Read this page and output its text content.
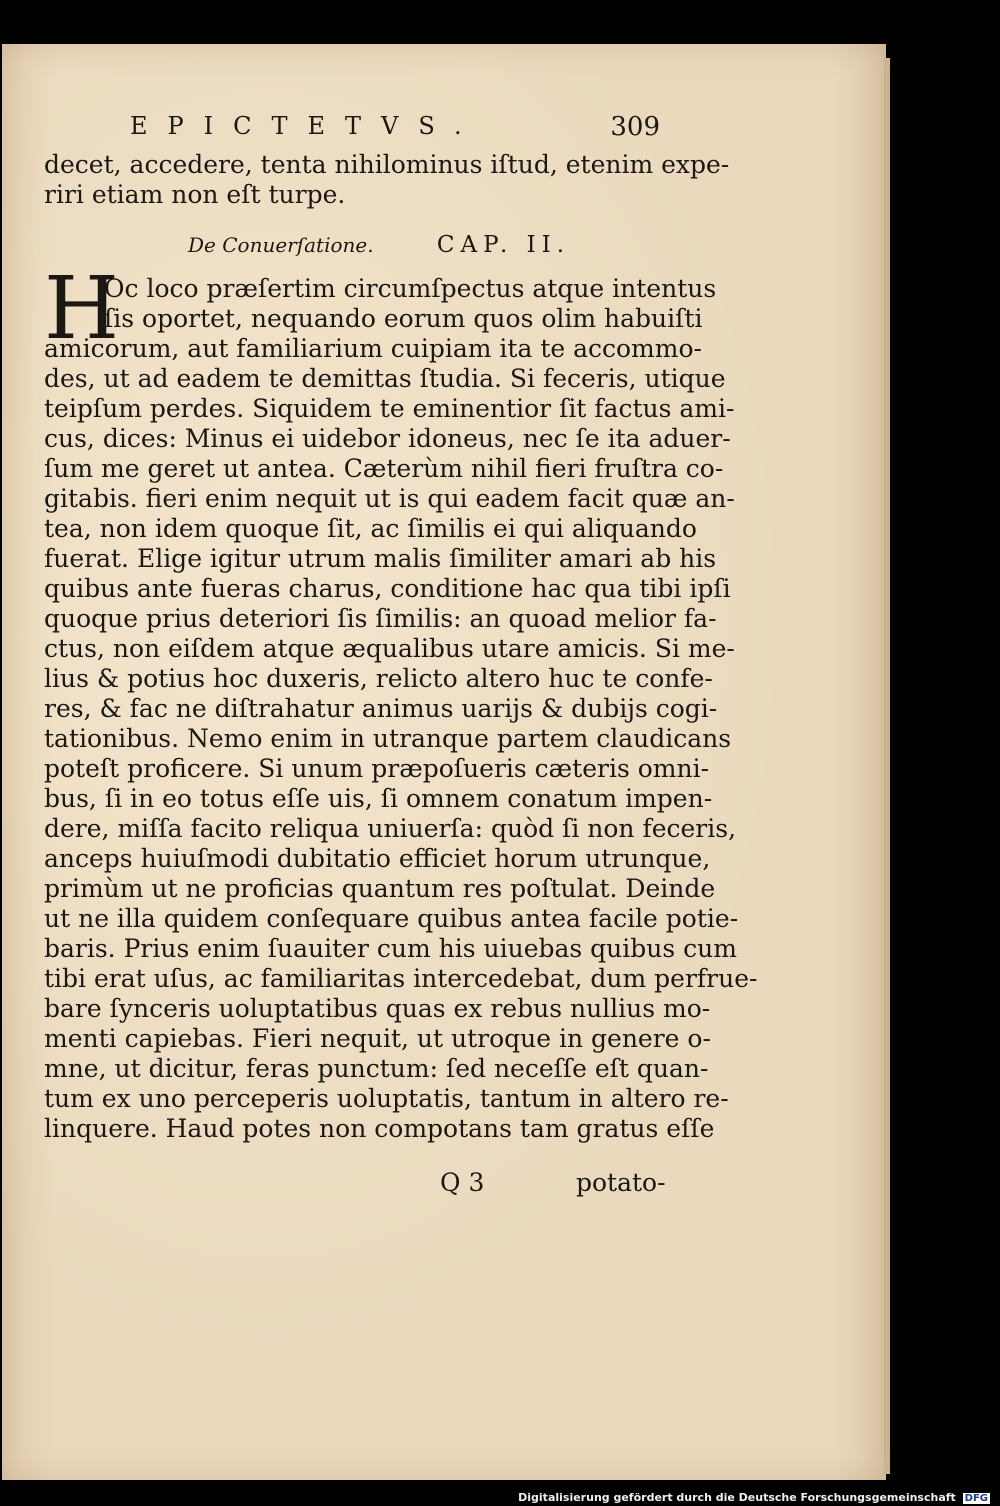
EPICTETVS.	309
decet, accedere, tenta nihilominus iſtud, etenim expe-
riri etiam non eſt turpe.
Oc loco præſertim circumſpectus atque intentus
ſis oportet, nequando eorum quos olim habuiſti
amicorum, aut familiarium cuipiam ita te accommo-
des, ut ad eadem te demittas ſtudia. Si feceris, utique
teipſum perdes. Siquidem te eminentior ſit factus ami-
cus, dices: Minus ei uidebor idoneus, nec ſe ita aduer-
ſum me geret ut antea. Cæterùm nihil fieri fruſtra co-
gitabis. fieri enim nequit ut is qui eadem facit quæ an-
tea, non idem quoque ſit, ac ſimilis ei qui aliquando
fuerat. Elige igitur utrum malis ſimiliter amari ab his
quibus ante fueras charus, conditione hac qua tibi ipſi
quoque prius deteriori ſis ſimilis: an quoad melior fa-
ctus, non eiſdem atque æqualibus utare amicis. Si me-
lius & potius hoc duxeris, relicto altero huc te confe-
res, & fac ne diſtrahatur animus uarijs & dubijs cogi-
tationibus. Nemo enim in utranque partem claudicans
poteſt proficere. Si unum præpoſueris cæteris omni-
bus, ſi in eo totus eſſe uis, ſi omnem conatum impen-
dere, miſſa facito reliqua uniuerſa: quòd ſi non feceris,
anceps huiuſmodi dubitatio efficiet horum utrunque,
primùm ut ne proficias quantum res poſtulat. Deinde
ut ne illa quidem conſequare quibus antea facile potie-
baris. Prius enim ſuauiter cum his uiuebas quibus cum
tibi erat uſus, ac familiaritas intercedebat, dum perfrue-
bare ſynceris uoluptatibus quas ex rebus nullius mo-
menti capiebas. Fieri nequit, ut utroque in genere o-
mne, ut dicitur, feras punctum: ſed neceſſe eſt quan-
tum ex uno perceperis uoluptatis, tantum in altero re-
linquere. Haud potes non compotans tam gratus eſſe
De Conuerſatione.	CAP. II.
H
Q 3	potato-
Digitalisierung gefördert durch die Deutsche Forschungsgemeinschaft DFG
